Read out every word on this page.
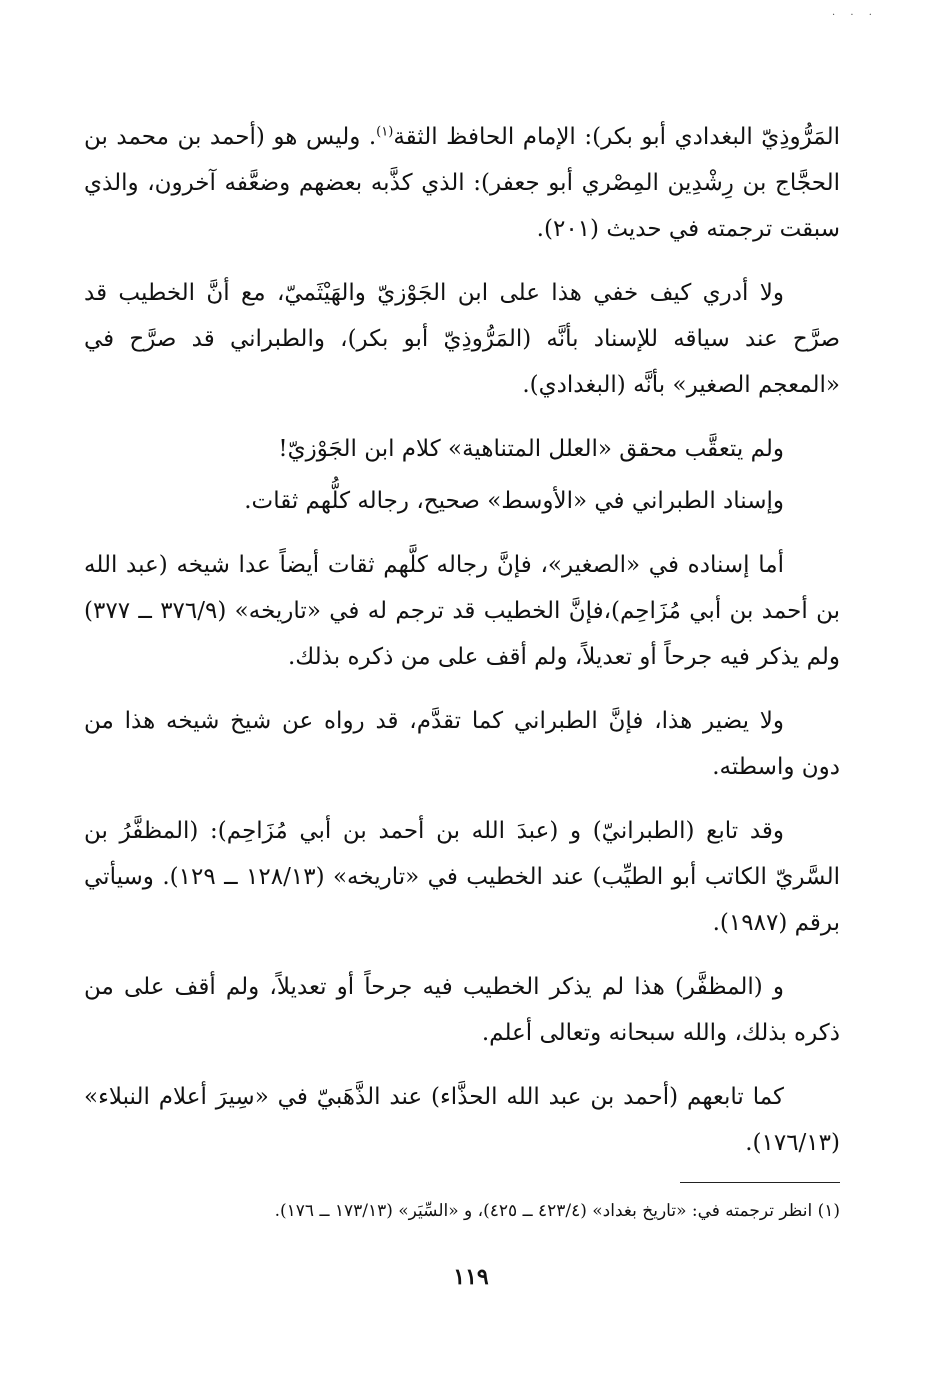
· · ·

المَرُّوذِيّ البغدادي أبو بكر): الإمام الحافظ الثقة$^{(١)}$. وليس هو (أحمد بن محمد بن الحجَّاج بن رِشْدِين المِصْري أبو جعفر): الذي كذَّبه بعضهم وضعَّفه آخرون، والذي سبقت ترجمته في حديث (٢٠١).

ولا أدري كيف خفي هذا على ابن الجَوْزيّ والهَيْثَميّ، مع أنَّ الخطيب قد صرَّح عند سياقه للإسناد بأنَّه (المَرُّوذِيّ أبو بكر)، والطبراني قد صرَّح في «المعجم الصغير» بأنَّه (البغدادي).

ولم يتعقَّب محقق «العلل المتناهية» كلام ابن الجَوْزيّ!

وإسناد الطبراني في «الأوسط» صحيح، رجاله كلُّهم ثقات.

أما إسناده في «الصغير»، فإنَّ رجاله كلَّهم ثقات أيضاً عدا شيخه (عبد الله بن أحمد بن أبي مُزَاحِم)،فإنَّ الخطيب قد ترجم له في «تاريخه» (٣٧٦/٩ ــ ٣٧٧) ولم يذكر فيه جرحاً أو تعديلاً، ولم أقف على من ذكره بذلك.

ولا يضير هذا، فإنَّ الطبراني كما تقدَّم، قد رواه عن شيخ شيخه هذا من دون واسطته.

وقد تابع (الطبرانيّ) و (عبدَ الله بن أحمد بن أبي مُزَاحِم): (المظفَّرُ بن السَّريّ الكاتب أبو الطيِّب) عند الخطيب في «تاريخه» (١٢٨/١٣ ــ ١٢٩). وسيأتي برقم (١٩٨٧).

و (المظفَّر) هذا لم يذكر الخطيب فيه جرحاً أو تعديلاً، ولم أقف على من ذكره بذلك، والله سبحانه وتعالى أعلم.

كما تابعهم (أحمد بن عبد الله الحذَّاء) عند الذَّهَبيّ في «سِيرَ أعلام النبلاء» (١٧٦/١٣).

(١) انظر ترجمته في: «تاريخ بغداد» (٤٢٣/٤ ــ ٤٢٥)، و «السِّيَر» (١٧٣/١٣ ــ ١٧٦).
١١٩
